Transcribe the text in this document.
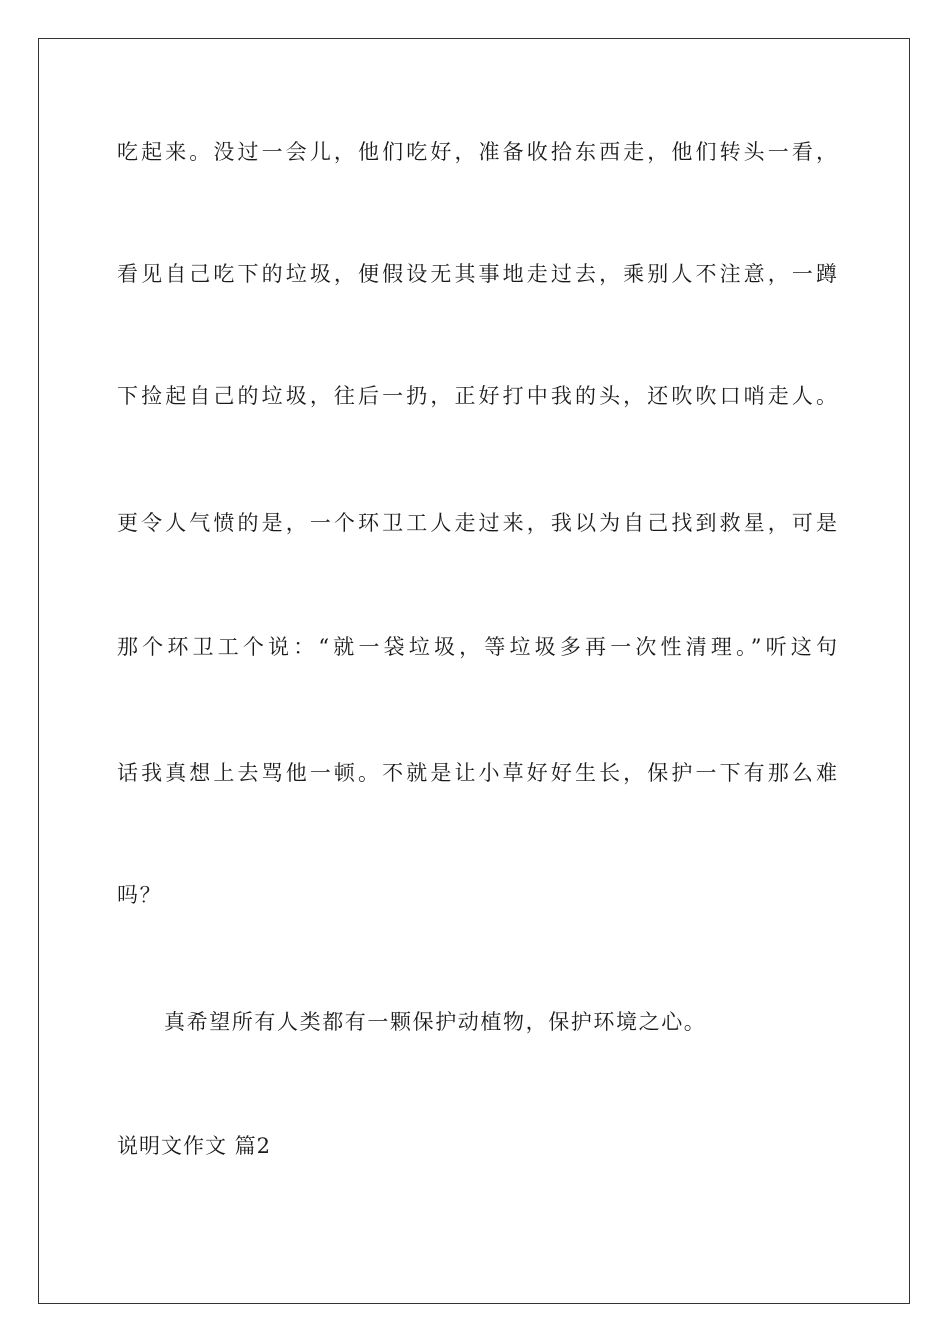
吃起来。没过一会儿，他们吃好，准备收拾东西走，他们转头一看，
看见自己吃下的垃圾，便假设无其事地走过去，乘别人不注意，一蹲
下捡起自己的垃圾，往后一扔，正好打中我的头，还吹吹口哨走人。
更令人气愤的是，一个环卫工人走过来，我以为自己找到救星，可是
那个环卫工个说：“就一袋垃圾，等垃圾多再一次性清理。”听这句
话我真想上去骂他一顿。不就是让小草好好生长，保护一下有那么难
吗？
真希望所有人类都有一颗保护动植物，保护环境之心。
说明文作文 篇2
